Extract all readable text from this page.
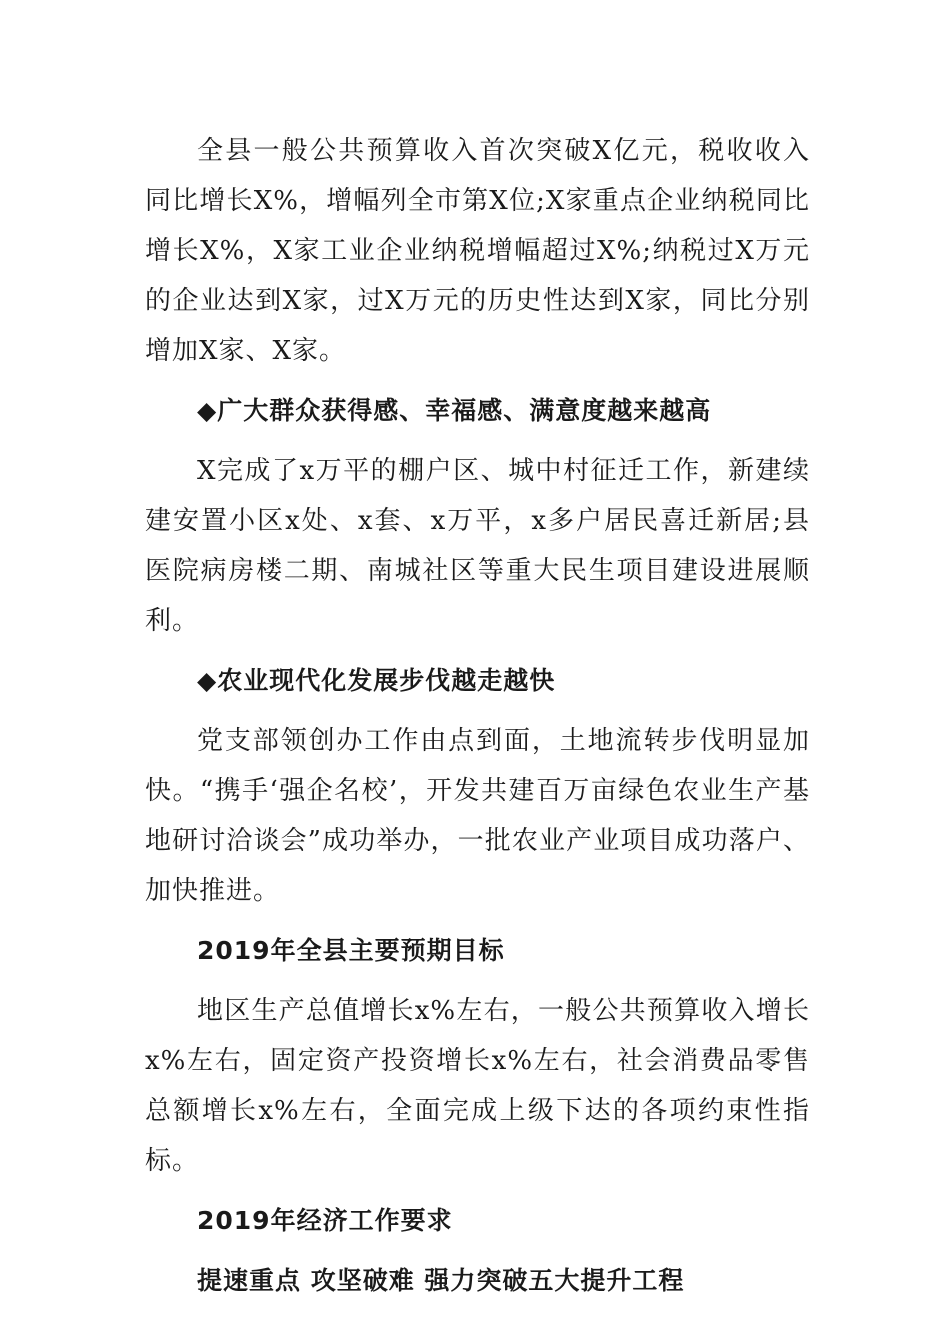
全县一般公共预算收入首次突破X亿元，税收收入同比增长X%，增幅列全市第X位;X家重点企业纳税同比增长X%，X家工业企业纳税增幅超过X%;纳税过X万元的企业达到X家，过X万元的历史性达到X家，同比分别增加X家、X家。

◆广大群众获得感、幸福感、满意度越来越高

X完成了x万平的棚户区、城中村征迁工作，新建续建安置小区x处、x套、x万平，x多户居民喜迁新居;县医院病房楼二期、南城社区等重大民生项目建设进展顺利。

◆农业现代化发展步伐越走越快

党支部领创办工作由点到面，土地流转步伐明显加快。“携手‘强企名校’，开发共建百万亩绿色农业生产基地研讨洽谈会”成功举办，一批农业产业项目成功落户、加快推进。

2019年全县主要预期目标

地区生产总值增长x%左右，一般公共预算收入增长x%左右，固定资产投资增长x%左右，社会消费品零售总额增长x%左右，全面完成上级下达的各项约束性指标。

2019年经济工作要求

提速重点 攻坚破难 强力突破五大提升工程
